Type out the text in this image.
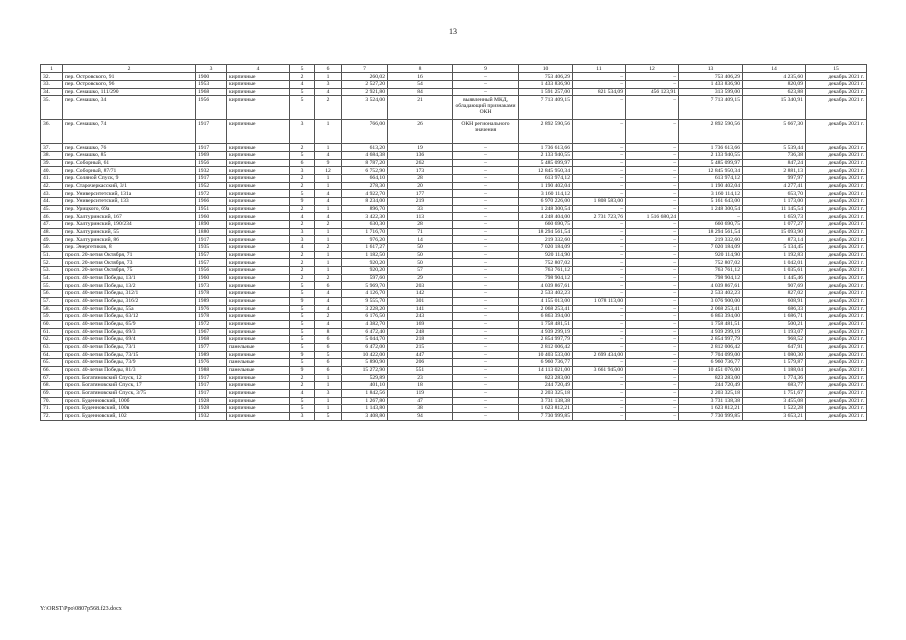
13
1	2	3	4	5	6	7	8	9	10	11	12	13	14	15
32.	пер. Островского, 91	1900	кирпичные	2	1	260,02	16	–	753 406,29	–	–	753 406,29	4 235,60	декабрь 2021 г.
33.	пер. Островского, 96	1953	кирпичные	4	3	2 527,20	54	–	1 433 836,90	–	–	1 433 836,90	820,09	декабрь 2021 г.
34.	пер. Семашко, 111/290	1968	кирпичные	5	4	2 921,80	84	–	1 591 257,00	821 534,09	456 123,91	313 599,00	623,88	декабрь 2021 г.
35.	пер. Семашко, 34	1956	кирпичные	5	2	3 524,00	21	выявленный МКД, обладающий признаками ОКН	7 713 409,15	–	–	7 713 409,15	15 340,91	декабрь 2021 г.
36.	пер. Семашко, 74	1917	кирпичные	3	1	766,00	26	ОКН регионального значения	2 892 590,56	–	–	2 892 590,56	5 667,30	декабрь 2021 г.
37.	пер. Семашко, 76	1917	кирпичные	2	1	613,20	19	–	1 736 613,66	–	–	1 736 613,66	5 539,44	декабрь 2021 г.
38.	пер. Семашко, 85	1969	кирпичные	5	4	4 684,38	136	–	2 133 940,55	–	–	2 133 940,55	736,38	декабрь 2021 г.
39.	пер. Соборный, 61	1956	кирпичные	6	9	8 787,20	262	–	5 485 099,97	–	–	5 485 099,97	847,24	декабрь 2021 г.
40.	пер. Соборный, 87/71	1932	кирпичные	3	12	6 752,90	173	–	12 845 950,34	–	–	12 845 950,34	2 881,13	декабрь 2021 г.
41.	пер. Соляной Спуск, 9	1917	кирпичные	2	1	664,10	28	–	613 974,12	–	–	613 974,12	997,97	декабрь 2021 г.
42.	пер. Старочеркасский, 3/1	1952	кирпичные	2	1	278,30	20	–	1 190 402,04	–	–	1 190 402,04	4 277,41	декабрь 2021 г.
43.	пер. Университетский, 131а	1972	кирпичные	5	4	4 922,70	177	–	3 160 114,12	–	–	3 160 114,12	653,70	декабрь 2021 г.
44.	пер. Университетский, 133	1966	кирпичные	9	4	8 234,00	219	–	6 970 226,00	1 808 583,00	–	5 161 643,00	1 173,00	декабрь 2021 г.
45.	пер. Урицкого, 69а	1951	кирпичные	2	1	896,70	33	–	1 248 300,54	–	–	1 248 300,54	11 145,54	декабрь 2021 г.
46.	пер. Халтуринский, 167	1960	кирпичные	4	4	3 422,30	113	–	4 248 404,00	2 731 723,76	1 516 680,24	–	1 659,73	декабрь 2021 г.
47.	пер. Халтуринский, 190/234	1890	кирпичные	2	2	630,30	28	–	660 690,75	–	–	660 690,75	1 077,27	декабрь 2021 г.
48.	пер. Халтуринский, 55	1880	кирпичные	3	1	1 716,70	71	–	18 294 561,54	–	–	18 294 561,54	15 093,90	декабрь 2021 г.
49.	пер. Халтуринский, 86	1917	кирпичные	3	1	976,20	14	–	219 332,60	–	–	219 332,60	873,14	декабрь 2021 г.
50.	пер. Энергетиков, 8	1935	кирпичные	4	2	1 617,27	50	–	7 020 184,09	–	–	7 020 184,09	5 134,45	декабрь 2021 г.
51.	просп. 20-летия Октября, 71	1957	кирпичные	2	1	1 182,50	50	–	920 114,90	–	–	920 114,90	1 192,83	декабрь 2021 г.
52.	просп. 20-летия Октября, 73	1957	кирпичные	2	1	920,20	50	–	752 807,02	–	–	752 807,02	1 042,01	декабрь 2021 г.
53.	просп. 20-летия Октября, 75	1956	кирпичные	2	1	920,20	57	–	763 761,12	–	–	763 761,12	1 035,61	декабрь 2021 г.
54.	просп. 40-летия Победы, 13/1	1960	кирпичные	2	2	597,60	29	–	798 904,12	–	–	798 904,12	1 445,46	декабрь 2021 г.
55.	просп. 40-летия Победы, 13/2	1973	кирпичные	5	6	5 969,70	203	–	4 039 867,61	–	–	4 039 867,61	907,69	декабрь 2021 г.
56.	просп. 40-летия Победы, 312/1	1978	кирпичные	5	4	4 126,70	142	–	2 533 402,23	–	–	2 533 402,23	827,02	декабрь 2021 г.
57.	просп. 40-летия Победы, 316/2	1989	кирпичные	9	4	9 555,70	301	–	4 155 013,00	1 078 113,00	–	3 076 900,00	608,91	декабрь 2021 г.
58.	просп. 40-летия Победы, 55а	1976	кирпичные	5	4	3 228,20	141	–	2 068 253,41	–	–	2 068 253,41	686,33	декабрь 2021 г.
59.	просп. 40-летия Победы, 63/12	1978	кирпичные	5	2	6 176,50	243	–	6 863 394,00	–	–	6 863 394,00	1 686,71	декабрь 2021 г.
60.	просп. 40-летия Победы, 65/9	1972	кирпичные	5	4	4 382,70	169	–	1 758 481,51	–	–	1 758 481,51	500,21	декабрь 2021 г.
61.	просп. 40-летия Победы, 69/3	1967	кирпичные	5	8	6 472,40	248	–	4 939 299,19	–	–	4 939 299,19	1 193,07	декабрь 2021 г.
62.	просп. 40-летия Победы, 69/4	1968	кирпичные	5	6	5 044,70	218	–	2 854 997,79	–	–	2 854 997,79	968,52	декабрь 2021 г.
63.	просп. 40-летия Победы, 73/1	1977	панельные	5	6	6 472,00	215	–	2 812 006,42	–	–	2 812 006,42	647,91	декабрь 2021 г.
64.	просп. 40-летия Победы, 73/15	1989	кирпичные	9	5	10 422,00	447	–	10 403 533,00	2 699 434,00	–	7 704 099,00	1 080,30	декабрь 2021 г.
65.	просп. 40-летия Победы, 73/9	1976	панельные	5	6	5 890,90	206	–	6 960 736,77	–	–	6 960 736,77	1 579,87	декабрь 2021 г.
66.	просп. 40-летия Победы, 81/3	1988	панельные	9	6	15 272,90	551	–	14 113 021,00	3 661 945,00	–	10 451 076,00	1 188,04	декабрь 2021 г.
67.	просп. Богатяновский Спуск, 12	1917	кирпичные	2	1	529,89	23	–	823 283,00	–	–	823 283,00	1 774,36	декабрь 2021 г.
68.	просп. Богатяновский Спуск, 17	1917	кирпичные	2	1	401,10	18	–	244 720,49	–	–	244 720,49	683,77	декабрь 2021 г.
69.	просп. Богатяновский Спуск, 3/75	1917	кирпичные	4	3	1 842,56	119	–	2 203 325,18	–	–	2 203 325,18	1 751,67	декабрь 2021 г.
70.	просп. Буденновский, 100б	1928	кирпичные	5	1	1 267,80	47	–	3 731 138,38	–	–	3 731 138,38	3 455,08	декабрь 2021 г.
71.	просп. Буденновский, 100в	1928	кирпичные	5	1	1 143,80	38	–	1 623 812,21	–	–	1 623 812,21	1 522,28	декабрь 2021 г.
72.	просп. Буденновский, 102	1932	кирпичные	3	5	3 408,80	94	–	7 730 999,85	–	–	7 730 999,85	3 653,21	декабрь 2021 г.
Y:\ORST\Ppo\0807p568.f23.docx
